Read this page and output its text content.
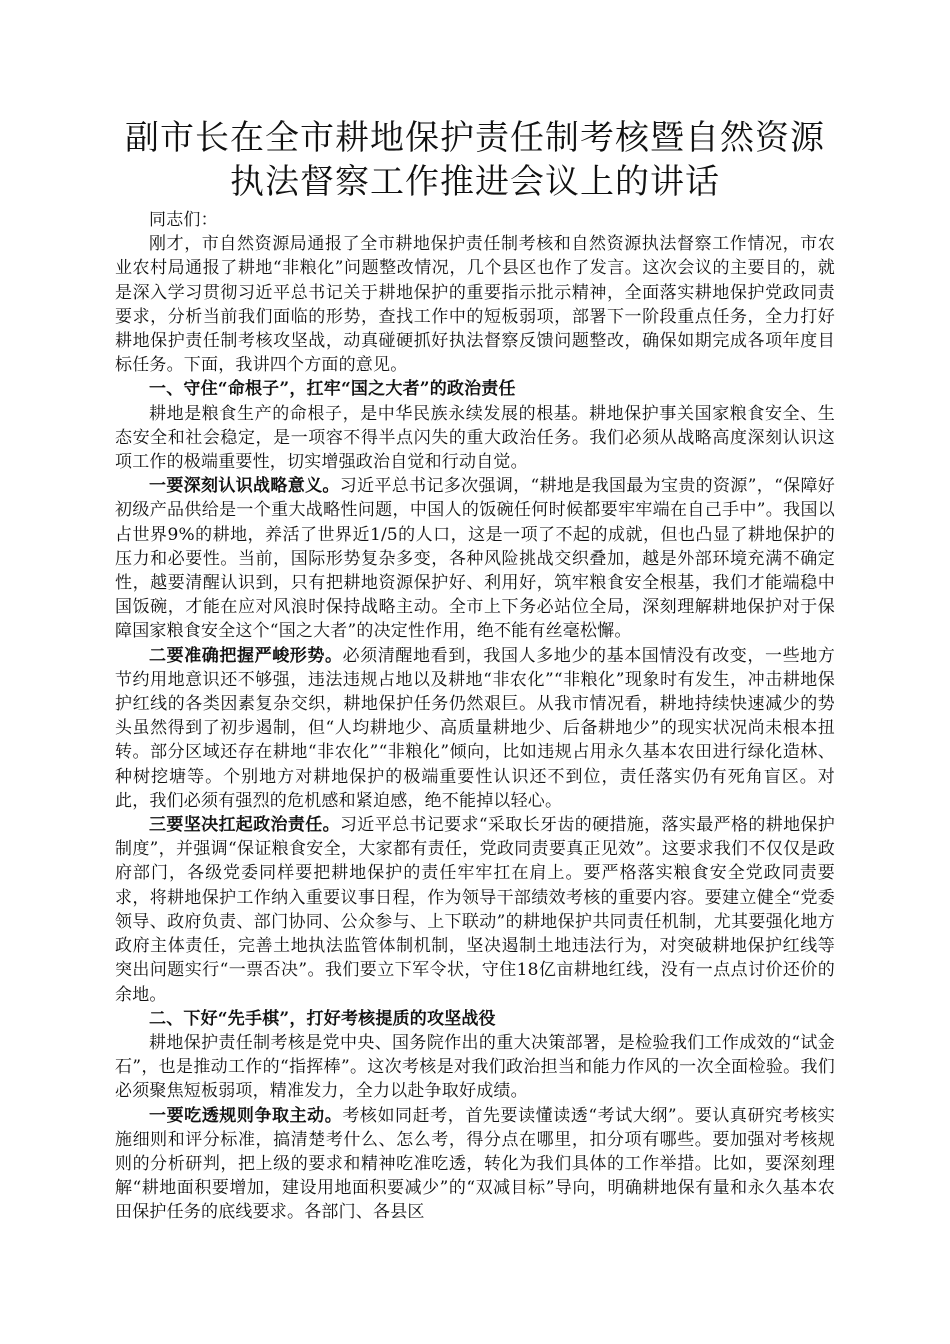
副市长在全市耕地保护责任制考核暨自然资源
执法督察工作推进会议上的讲话

同志们：

刚才，市自然资源局通报了全市耕地保护责任制考核和自然资源执法督察工作情况，市农业农村局通报了耕地“非粮化”问题整改情况，几个县区也作了发言。这次会议的主要目的，就是深入学习贯彻习近平总书记关于耕地保护的重要指示批示精神，全面落实耕地保护党政同责要求，分析当前我们面临的形势，查找工作中的短板弱项，部署下一阶段重点任务，全力打好耕地保护责任制考核攻坚战，动真碰硬抓好执法督察反馈问题整改，确保如期完成各项年度目标任务。下面，我讲四个方面的意见。

一、守住“命根子”，扛牢“国之大者”的政治责任

耕地是粮食生产的命根子，是中华民族永续发展的根基。耕地保护事关国家粮食安全、生态安全和社会稳定，是一项容不得半点闪失的重大政治任务。我们必须从战略高度深刻认识这项工作的极端重要性，切实增强政治自觉和行动自觉。

一要深刻认识战略意义。习近平总书记多次强调，“耕地是我国最为宝贵的资源”，“保障好初级产品供给是一个重大战略性问题，中国人的饭碗任何时候都要牢牢端在自己手中”。我国以占世界9%的耕地，养活了世界近1/5的人口，这是一项了不起的成就，但也凸显了耕地保护的压力和必要性。当前，国际形势复杂多变，各种风险挑战交织叠加，越是外部环境充满不确定性，越要清醒认识到，只有把耕地资源保护好、利用好，筑牢粮食安全根基，我们才能端稳中国饭碗，才能在应对风浪时保持战略主动。全市上下务必站位全局，深刻理解耕地保护对于保障国家粮食安全这个“国之大者”的决定性作用，绝不能有丝毫松懈。

二要准确把握严峻形势。必须清醒地看到，我国人多地少的基本国情没有改变，一些地方节约用地意识还不够强，违法违规占地以及耕地“非农化”“非粮化”现象时有发生，冲击耕地保护红线的各类因素复杂交织，耕地保护任务仍然艰巨。从我市情况看，耕地持续快速减少的势头虽然得到了初步遏制，但“人均耕地少、高质量耕地少、后备耕地少”的现实状况尚未根本扭转。部分区域还存在耕地“非农化”“非粮化”倾向，比如违规占用永久基本农田进行绿化造林、种树挖塘等。个别地方对耕地保护的极端重要性认识还不到位，责任落实仍有死角盲区。对此，我们必须有强烈的危机感和紧迫感，绝不能掉以轻心。

三要坚决扛起政治责任。习近平总书记要求“采取长牙齿的硬措施，落实最严格的耕地保护制度”，并强调“保证粮食安全，大家都有责任，党政同责要真正见效”。这要求我们不仅仅是政府部门，各级党委同样要把耕地保护的责任牢牢扛在肩上。要严格落实粮食安全党政同责要求，将耕地保护工作纳入重要议事日程，作为领导干部绩效考核的重要内容。要建立健全“党委领导、政府负责、部门协同、公众参与、上下联动”的耕地保护共同责任机制，尤其要强化地方政府主体责任，完善土地执法监管体制机制，坚决遏制土地违法行为，对突破耕地保护红线等突出问题实行“一票否决”。我们要立下军令状，守住18亿亩耕地红线，没有一点点讨价还价的余地。

二、下好“先手棋”，打好考核提质的攻坚战役

耕地保护责任制考核是党中央、国务院作出的重大决策部署，是检验我们工作成效的“试金石”，也是推动工作的“指挥棒”。这次考核是对我们政治担当和能力作风的一次全面检验。我们必须聚焦短板弱项，精准发力，全力以赴争取好成绩。

一要吃透规则争取主动。考核如同赶考，首先要读懂读透“考试大纲”。要认真研究考核实施细则和评分标准，搞清楚考什么、怎么考，得分点在哪里，扣分项有哪些。要加强对考核规则的分析研判，把上级的要求和精神吃准吃透，转化为我们具体的工作举措。比如，要深刻理解“耕地面积要增加，建设用地面积要减少”的“双减目标”导向，明确耕地保有量和永久基本农田保护任务的底线要求。各部门、各县区
